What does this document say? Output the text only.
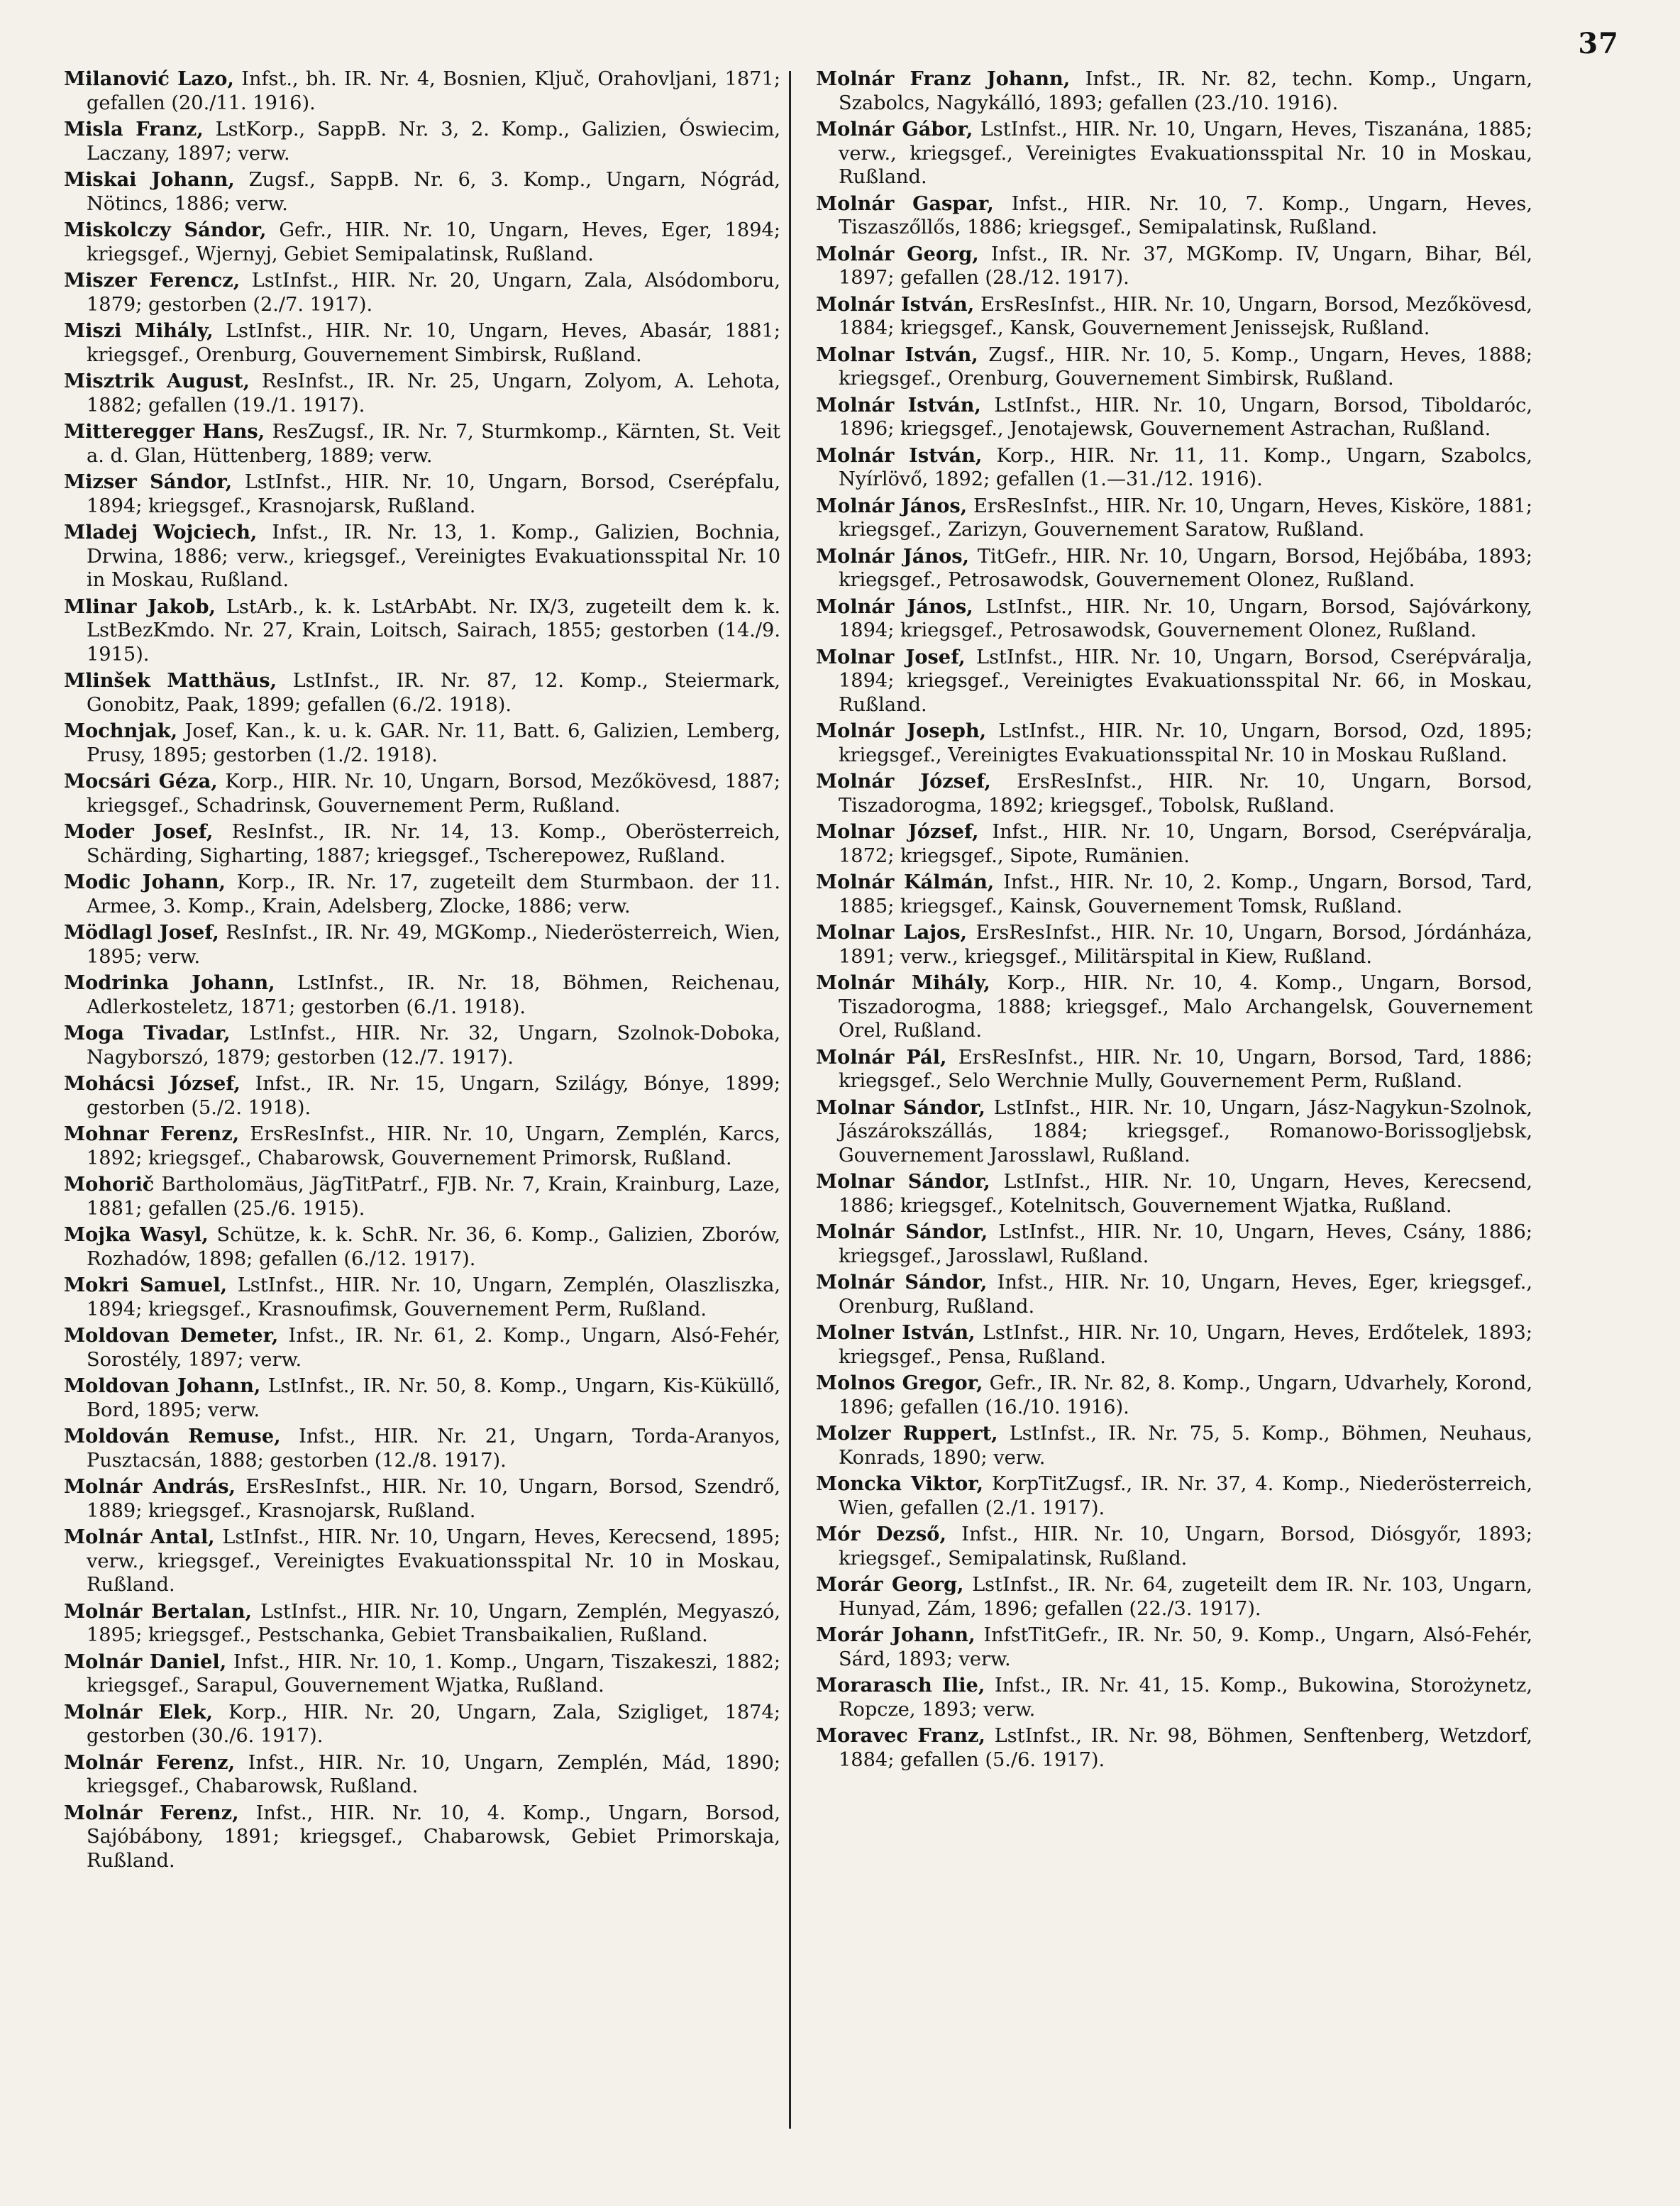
37

Milanović Lazo, Infst., bh. IR. Nr. 4, Bosnien, Ključ, Orahovljani, 1871; gefallen (20./11. 1916).

Misla Franz, LstKorp., SappB. Nr. 3, 2. Komp., Galizien, Óswiecim, Laczany, 1897; verw.

Miskai Johann, Zugsf., SappB. Nr. 6, 3. Komp., Ungarn, Nógrád, Nötincs, 1886; verw.

Miskolczy Sándor, Gefr., HIR. Nr. 10, Ungarn, Heves, Eger, 1894; kriegsgef., Wjernyj, Gebiet Semipalatinsk, Rußland.

Miszer Ferencz, LstInfst., HIR. Nr. 20, Ungarn, Zala, Alsódomboru, 1879; gestorben (2./7. 1917).

Miszi Mihály, LstInfst., HIR. Nr. 10, Ungarn, Heves, Abasár, 1881; kriegsgef., Orenburg, Gouvernement Simbirsk, Rußland.

Misztrik August, ResInfst., IR. Nr. 25, Ungarn, Zolyom, A. Lehota, 1882; gefallen (19./1. 1917).

Mitteregger Hans, ResZugsf., IR. Nr. 7, Sturmkomp., Kärnten, St. Veit a. d. Glan, Hüttenberg, 1889; verw.

Mizser Sándor, LstInfst., HIR. Nr. 10, Ungarn, Borsod, Cserépfalu, 1894; kriegsgef., Krasnojarsk, Rußland.

Mladej Wojciech, Infst., IR. Nr. 13, 1. Komp., Galizien, Bochnia, Drwina, 1886; verw., kriegsgef., Vereinigtes Evakuationsspital Nr. 10 in Moskau, Rußland.

Mlinar Jakob, LstArb., k. k. LstArbAbt. Nr. IX/3, zugeteilt dem k. k. LstBezKmdo. Nr. 27, Krain, Loitsch, Sairach, 1855; gestorben (14./9. 1915).

Mlinšek Matthäus, LstInfst., IR. Nr. 87, 12. Komp., Steiermark, Gonobitz, Paak, 1899; gefallen (6./2. 1918).

Mochnjak, Josef, Kan., k. u. k. GAR. Nr. 11, Batt. 6, Galizien, Lemberg, Prusy, 1895; gestorben (1./2. 1918).

Mocsári Géza, Korp., HIR. Nr. 10, Ungarn, Borsod, Mezőkövesd, 1887; kriegsgef., Schadrinsk, Gouvernement Perm, Rußland.

Moder Josef, ResInfst., IR. Nr. 14, 13. Komp., Oberösterreich, Schärding, Sigharting, 1887; kriegsgef., Tscherepowez, Rußland.

Modic Johann, Korp., IR. Nr. 17, zugeteilt dem Sturmbaon. der 11. Armee, 3. Komp., Krain, Adelsberg, Zlocke, 1886; verw.

Mödlagl Josef, ResInfst., IR. Nr. 49, MGKomp., Niederösterreich, Wien, 1895; verw.

Modrinka Johann, LstInfst., IR. Nr. 18, Böhmen, Reichenau, Adlerkosteletz, 1871; gestorben (6./1. 1918).

Moga Tivadar, LstInfst., HIR. Nr. 32, Ungarn, Szolnok-Doboka, Nagyborszó, 1879; gestorben (12./7. 1917).

Mohácsi József, Infst., IR. Nr. 15, Ungarn, Szilágy, Bónye, 1899; gestorben (5./2. 1918).

Mohnar Ferenz, ErsResInfst., HIR. Nr. 10, Ungarn, Zemplén, Karcs, 1892; kriegsgef., Chabarowsk, Gouvernement Primorsk, Rußland.

Mohorič Bartholomäus, JägTitPatrf., FJB. Nr. 7, Krain, Krainburg, Laze, 1881; gefallen (25./6. 1915).

Mojka Wasyl, Schütze, k. k. SchR. Nr. 36, 6. Komp., Galizien, Zborów, Rozhadów, 1898; gefallen (6./12. 1917).

Mokri Samuel, LstInfst., HIR. Nr. 10, Ungarn, Zemplén, Olaszliszka, 1894; kriegsgef., Krasnoufimsk, Gouvernement Perm, Rußland.

Moldovan Demeter, Infst., IR. Nr. 61, 2. Komp., Ungarn, Alsó-Fehér, Sorostély, 1897; verw.

Moldovan Johann, LstInfst., IR. Nr. 50, 8. Komp., Ungarn, Kis-Küküllő, Bord, 1895; verw.

Moldován Remuse, Infst., HIR. Nr. 21, Ungarn, Torda-Aranyos, Pusztacsán, 1888; gestorben (12./8. 1917).

Molnár András, ErsResInfst., HIR. Nr. 10, Ungarn, Borsod, Szendrő, 1889; kriegsgef., Krasnojarsk, Rußland.

Molnár Antal, LstInfst., HIR. Nr. 10, Ungarn, Heves, Kerecsend, 1895; verw., kriegsgef., Vereinigtes Evakuationsspital Nr. 10 in Moskau, Rußland.

Molnár Bertalan, LstInfst., HIR. Nr. 10, Ungarn, Zemplén, Megyaszó, 1895; kriegsgef., Pestschanka, Gebiet Transbaikalien, Rußland.

Molnár Daniel, Infst., HIR. Nr. 10, 1. Komp., Ungarn, Tiszakeszi, 1882; kriegsgef., Sarapul, Gouvernement Wjatka, Rußland.

Molnár Elek, Korp., HIR. Nr. 20, Ungarn, Zala, Szigliget, 1874; gestorben (30./6. 1917).

Molnár Ferenz, Infst., HIR. Nr. 10, Ungarn, Zemplén, Mád, 1890; kriegsgef., Chabarowsk, Rußland.

Molnár Ferenz, Infst., HIR. Nr. 10, 4. Komp., Ungarn, Borsod, Sajóbábony, 1891; kriegsgef., Chabarowsk, Gebiet Primorskaja, Rußland.

Molnár Franz Johann, Infst., IR. Nr. 82, techn. Komp., Ungarn, Szabolcs, Nagykálló, 1893; gefallen (23./10. 1916).

Molnár Gábor, LstInfst., HIR. Nr. 10, Ungarn, Heves, Tiszanána, 1885; verw., kriegsgef., Vereinigtes Evakuationsspital Nr. 10 in Moskau, Rußland.

Molnár Gaspar, Infst., HIR. Nr. 10, 7. Komp., Ungarn, Heves, Tiszaszőllős, 1886; kriegsgef., Semipalatinsk, Rußland.

Molnár Georg, Infst., IR. Nr. 37, MGKomp. IV, Ungarn, Bihar, Bél, 1897; gefallen (28./12. 1917).

Molnár István, ErsResInfst., HIR. Nr. 10, Ungarn, Borsod, Mezőkövesd, 1884; kriegsgef., Kansk, Gouvernement Jenissejsk, Rußland.

Molnar István, Zugsf., HIR. Nr. 10, 5. Komp., Ungarn, Heves, 1888; kriegsgef., Orenburg, Gouvernement Simbirsk, Rußland.

Molnár István, LstInfst., HIR. Nr. 10, Ungarn, Borsod, Tiboldaróc, 1896; kriegsgef., Jenotajewsk, Gouvernement Astrachan, Rußland.

Molnár István, Korp., HIR. Nr. 11, 11. Komp., Ungarn, Szabolcs, Nyírlövő, 1892; gefallen (1.—31./12. 1916).

Molnár János, ErsResInfst., HIR. Nr. 10, Ungarn, Heves, Kisköre, 1881; kriegsgef., Zarizyn, Gouvernement Saratow, Rußland.

Molnár János, TitGefr., HIR. Nr. 10, Ungarn, Borsod, Hejőbába, 1893; kriegsgef., Petrosawodsk, Gouvernement Olonez, Rußland.

Molnár János, LstInfst., HIR. Nr. 10, Ungarn, Borsod, Sajóvárkony, 1894; kriegsgef., Petrosawodsk, Gouvernement Olonez, Rußland.

Molnar Josef, LstInfst., HIR. Nr. 10, Ungarn, Borsod, Cserépváralja, 1894; kriegsgef., Vereinigtes Evakuationsspital Nr. 66, in Moskau, Rußland.

Molnár Joseph, LstInfst., HIR. Nr. 10, Ungarn, Borsod, Ozd, 1895; kriegsgef., Vereinigtes Evakuationsspital Nr. 10 in Moskau Rußland.

Molnár József, ErsResInfst., HIR. Nr. 10, Ungarn, Borsod, Tiszadorogma, 1892; kriegsgef., Tobolsk, Rußland.

Molnar József, Infst., HIR. Nr. 10, Ungarn, Borsod, Cserépváralja, 1872; kriegsgef., Sipote, Rumänien.

Molnár Kálmán, Infst., HIR. Nr. 10, 2. Komp., Ungarn, Borsod, Tard, 1885; kriegsgef., Kainsk, Gouvernement Tomsk, Rußland.

Molnar Lajos, ErsResInfst., HIR. Nr. 10, Ungarn, Borsod, Jórdánháza, 1891; verw., kriegsgef., Militärspital in Kiew, Rußland.

Molnár Mihály, Korp., HIR. Nr. 10, 4. Komp., Ungarn, Borsod, Tiszadorogma, 1888; kriegsgef., Malo Archangelsk, Gouvernement Orel, Rußland.

Molnár Pál, ErsResInfst., HIR. Nr. 10, Ungarn, Borsod, Tard, 1886; kriegsgef., Selo Werchnie Mully, Gouvernement Perm, Rußland.

Molnar Sándor, LstInfst., HIR. Nr. 10, Ungarn, Jász-Nagykun-Szolnok, Jászárokszállás, 1884; kriegsgef., Romanowo-Borissogljebsk, Gouvernement Jarosslawl, Rußland.

Molnar Sándor, LstInfst., HIR. Nr. 10, Ungarn, Heves, Kerecsend, 1886; kriegsgef., Kotelnitsch, Gouvernement Wjatka, Rußland.

Molnár Sándor, LstInfst., HIR. Nr. 10, Ungarn, Heves, Csány, 1886; kriegsgef., Jarosslawl, Rußland.

Molnár Sándor, Infst., HIR. Nr. 10, Ungarn, Heves, Eger, kriegsgef., Orenburg, Rußland.

Molner István, LstInfst., HIR. Nr. 10, Ungarn, Heves, Erdőtelek, 1893; kriegsgef., Pensa, Rußland.

Molnos Gregor, Gefr., IR. Nr. 82, 8. Komp., Ungarn, Udvarhely, Korond, 1896; gefallen (16./10. 1916).

Molzer Ruppert, LstInfst., IR. Nr. 75, 5. Komp., Böhmen, Neuhaus, Konrads, 1890; verw.

Moncka Viktor, KorpTitZugsf., IR. Nr. 37, 4. Komp., Niederösterreich, Wien, gefallen (2./1. 1917).

Mór Dezső, Infst., HIR. Nr. 10, Ungarn, Borsod, Diósgyőr, 1893; kriegsgef., Semipalatinsk, Rußland.

Morár Georg, LstInfst., IR. Nr. 64, zugeteilt dem IR. Nr. 103, Ungarn, Hunyad, Zám, 1896; gefallen (22./3. 1917).

Morár Johann, InfstTitGefr., IR. Nr. 50, 9. Komp., Ungarn, Alsó-Fehér, Sárd, 1893; verw.

Morarasch Ilie, Infst., IR. Nr. 41, 15. Komp., Bukowina, Storożynetz, Ropcze, 1893; verw.

Moravec Franz, LstInfst., IR. Nr. 98, Böhmen, Senftenberg, Wetzdorf, 1884; gefallen (5./6. 1917).
